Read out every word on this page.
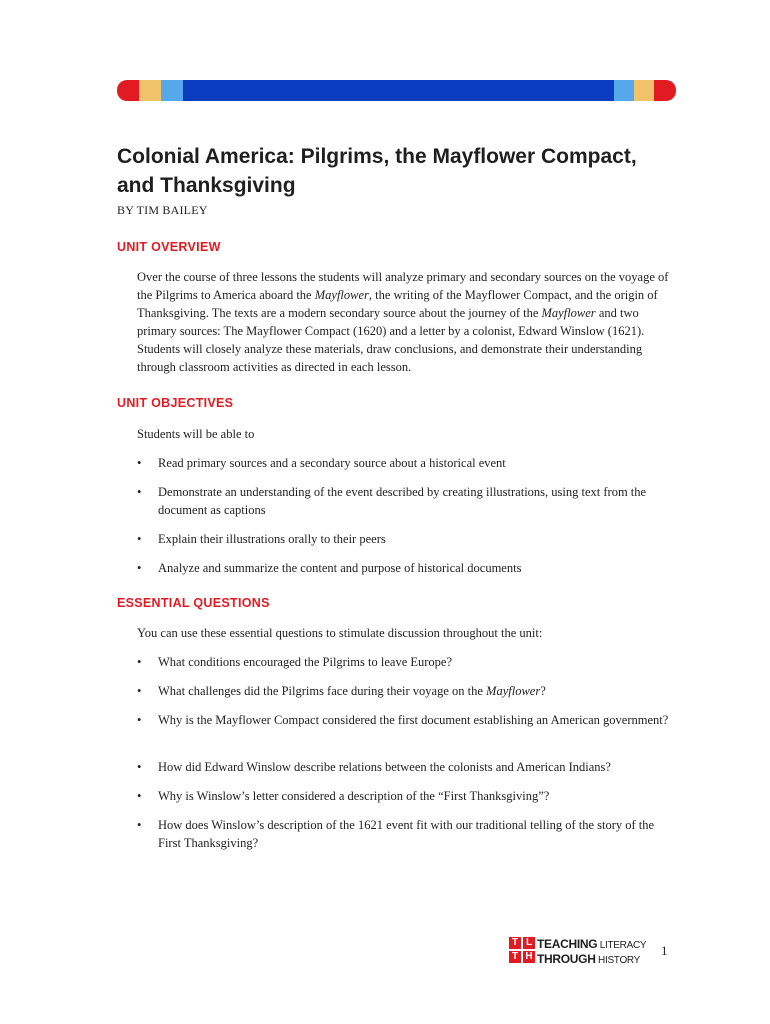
Colonial America: Pilgrims, the Mayflower Compact, and Thanksgiving

BY TIM BAILEY

UNIT OVERVIEW

Over the course of three lessons the students will analyze primary and secondary sources on the voyage of the Pilgrims to America aboard the Mayflower, the writing of the Mayflower Compact, and the origin of Thanksgiving. The texts are a modern secondary source about the journey of the Mayflower and two primary sources: The Mayflower Compact (1620) and a letter by a colonist, Edward Winslow (1621). Students will closely analyze these materials, draw conclusions, and demonstrate their understanding through classroom activities as directed in each lesson.

UNIT OBJECTIVES

Students will be able to

• Read primary sources and a secondary source about a historical event
• Demonstrate an understanding of the event described by creating illustrations, using text from the document as captions
• Explain their illustrations orally to their peers
• Analyze and summarize the content and purpose of historical documents

ESSENTIAL QUESTIONS

You can use these essential questions to stimulate discussion throughout the unit:

• What conditions encouraged the Pilgrims to leave Europe?
• What challenges did the Pilgrims face during their voyage on the Mayflower?
• Why is the Mayflower Compact considered the first document establishing an American government?
• How did Edward Winslow describe relations between the colonists and American Indians?
• Why is Winslow’s letter considered a description of the “First Thanksgiving”?
• How does Winslow’s description of the 1621 event fit with our traditional telling of the story of the First Thanksgiving?
T L
T H
TEACHING LITERACY
THROUGH HISTORY
1
